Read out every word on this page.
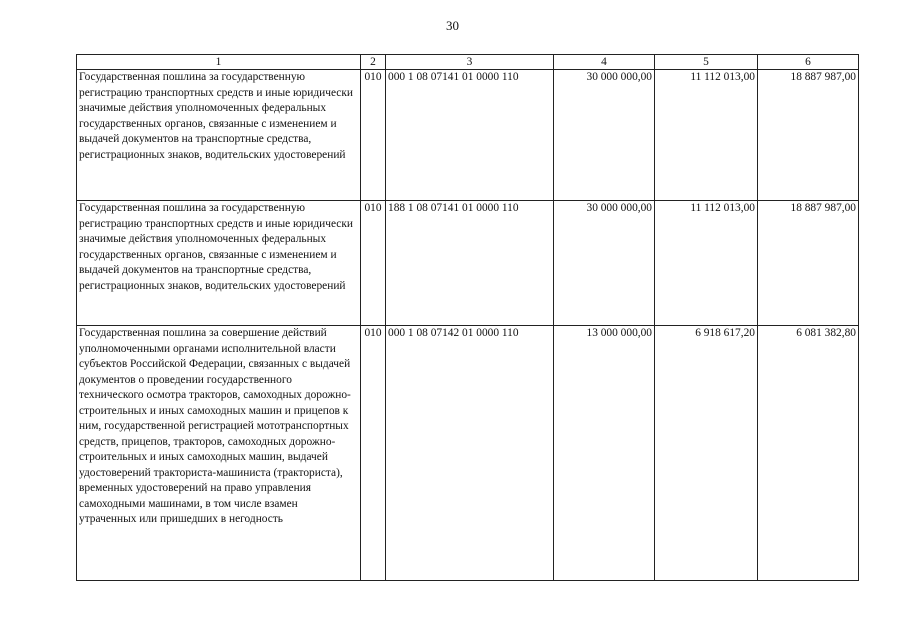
30
1	2	3	4	5	6
Государственная пошлина за государственную регистрацию транспортных средств и иные юридически значимые действия уполномоченных федеральных государственных органов, связанные с изменением и выдачей документов на транспортные средства, регистрационных знаков, водительских удостоверений	010	000 1 08 07141 01 0000 110	30 000 000,00	11 112 013,00	18 887 987,00
Государственная пошлина за государственную регистрацию транспортных средств и иные юридически значимые действия уполномоченных федеральных государственных органов, связанные с изменением и выдачей документов на транспортные средства, регистрационных знаков, водительских удостоверений	010	188 1 08 07141 01 0000 110	30 000 000,00	11 112 013,00	18 887 987,00
Государственная пошлина за совершение действий уполномоченными органами исполнительной власти субъектов Российской Федерации, связанных с выдачей документов о проведении государственного технического осмотра тракторов, самоходных дорожно-строительных и иных самоходных машин и прицепов к ним, государственной регистрацией мототранспортных средств, прицепов, тракторов, самоходных дорожно-строительных и иных самоходных машин, выдачей удостоверений тракториста-машиниста (тракториста), временных удостоверений на право управления самоходными машинами, в том числе взамен утраченных или пришедших в негодность	010	000 1 08 07142 01 0000 110	13 000 000,00	6 918 617,20	6 081 382,80
